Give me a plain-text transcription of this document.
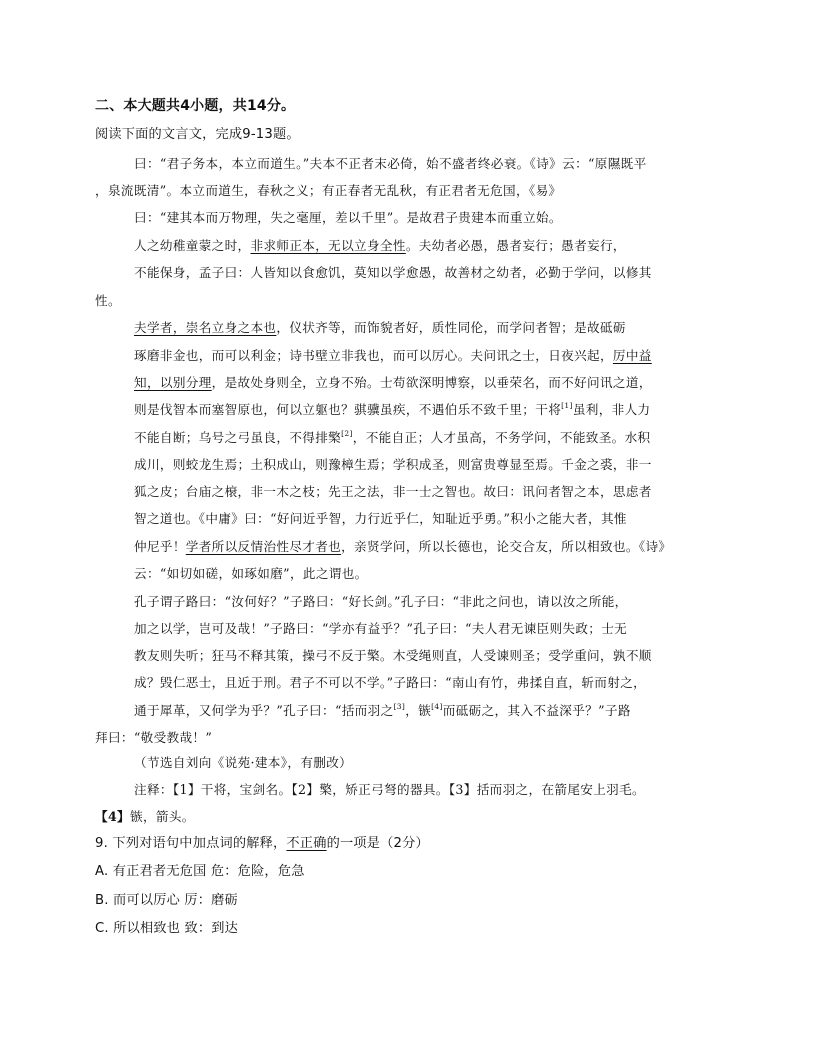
二、本大题共4小题，共14分。
阅读下面的文言文，完成9-13题。
曰：“君子务本，本立而道生。”夫本不正者末必倚，始不盛者终必衰。《诗》云：“原隰既平
，泉流既清”。本立而道生，春秋之义；有正春者无乱秋，有正君者无危国，《易》
曰：“建其本而万物理，失之毫厘，差以千里”。是故君子贵建本而重立始。
人之幼稚童蒙之时，非求师正本，无以立身全性。夫幼者必愚，愚者妄行；愚者妄行，
不能保身，孟子曰：人皆知以食愈饥，莫知以学愈愚，故善材之幼者，必勤于学问，以修其
性。
夫学者，崇名立身之本也，仪状齐等，而饰貌者好，质性同伦，而学问者智；是故砥砺
琢磨非金也，而可以利金；诗书壁立非我也，而可以厉心。夫问讯之士，日夜兴起，厉中益
知，以别分理，是故处身则全，立身不殆。士苟欲深明博察，以垂荣名，而不好问讯之道，
则是伐智本而塞智原也，何以立躯也？骐骥虽疾，不遇伯乐不致千里；干将[1]虽利，非人力
不能自断；乌号之弓虽良，不得排檠[2]，不能自正；人才虽高，不务学问，不能致圣。水积
成川，则蛟龙生焉；土积成山，则豫樟生焉；学积成圣，则富贵尊显至焉。千金之裘，非一
狐之皮；台庙之榱，非一木之枝；先王之法，非一士之智也。故曰：讯问者智之本，思虑者
智之道也。《中庸》曰：“好问近乎智，力行近乎仁，知耻近乎勇。”积小之能大者，其惟
仲尼乎！学者所以反情治性尽才者也，亲贤学问，所以长德也，论交合友，所以相致也。《诗》
云：“如切如磋，如琢如磨”，此之谓也。
孔子谓子路曰：“汝何好？”子路曰：“好长剑。”孔子曰：“非此之问也，请以汝之所能，
加之以学，岂可及哉！”子路曰：“学亦有益乎？”孔子曰：“夫人君无谏臣则失政；士无
教友则失听；狂马不释其策，操弓不反于檠。木受绳则直，人受谏则圣；受学重问，孰不顺
成？毁仁恶士，且近于刑。君子不可以不学。”子路曰：“南山有竹，弗揉自直，斩而射之，
通于犀革，又何学为乎？”孔子曰：“括而羽之[3]，镞[4]而砥砺之，其入不益深乎？”子路
拜曰：“敬受教哉！”
（节选自刘向《说苑·建本》，有删改）
注释：【1】干将，宝剑名。【2】檠，矫正弓弩的器具。【3】括而羽之，在箭尾安上羽毛。
【4】镞，箭头。
9. 下列对语句中加点词的解释，不正确的一项是（2分）
A. 有正君者无危国 危：危险，危急
B. 而可以厉心 厉：磨砺
C. 所以相致也 致：到达
